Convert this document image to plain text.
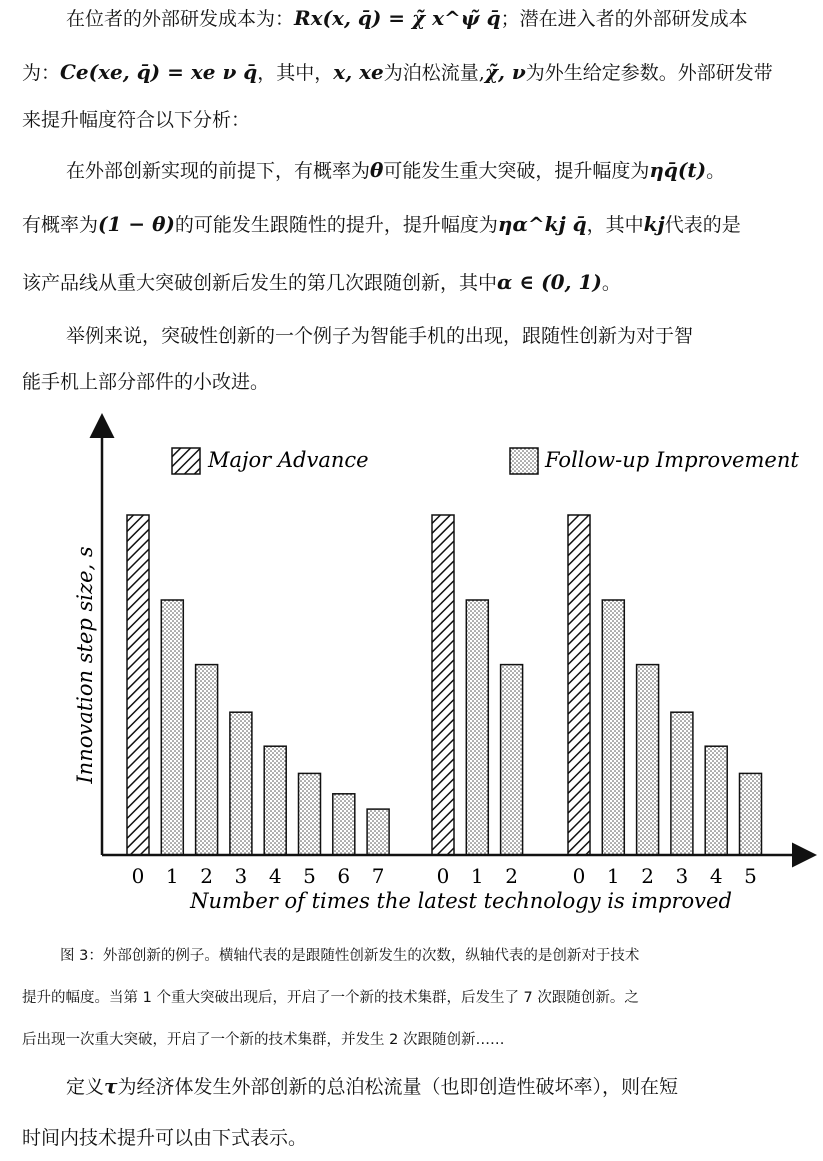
在位者的外部研发成本为：Rx(x, q̄) = χ̃ x^ψ̃ q̄；潜在进入者的外部研发成本
为：Ce(xe, q̄) = xe ν q̄，其中，x, xe为泊松流量,χ̃, ν为外生给定参数。外部研发带
来提升幅度符合以下分析：
在外部创新实现的前提下，有概率为θ可能发生重大突破，提升幅度为ηq̄(t)。
有概率为(1 − θ)的可能发生跟随性的提升，提升幅度为ηα^kj q̄，其中kj代表的是
该产品线从重大突破创新后发生的第几次跟随创新，其中α ∈ (0, 1)。
举例来说，突破性创新的一个例子为智能手机的出现，跟随性创新为对于智
能手机上部分部件的小改进。
0 1 2 3 4 5 6 7	0 1 2	0 1 2 3 4 5
Major Advance	Follow-up Improvement
Innovation step size, s
Number of times the latest technology is improved
图 3：外部创新的例子。横轴代表的是跟随性创新发生的次数，纵轴代表的是创新对于技术
提升的幅度。当第 1 个重大突破出现后，开启了一个新的技术集群，后发生了 7 次跟随创新。之
后出现一次重大突破，开启了一个新的技术集群，并发生 2 次跟随创新……
定义τ为经济体发生外部创新的总泊松流量（也即创造性破坏率），则在短
时间内技术提升可以由下式表示。
